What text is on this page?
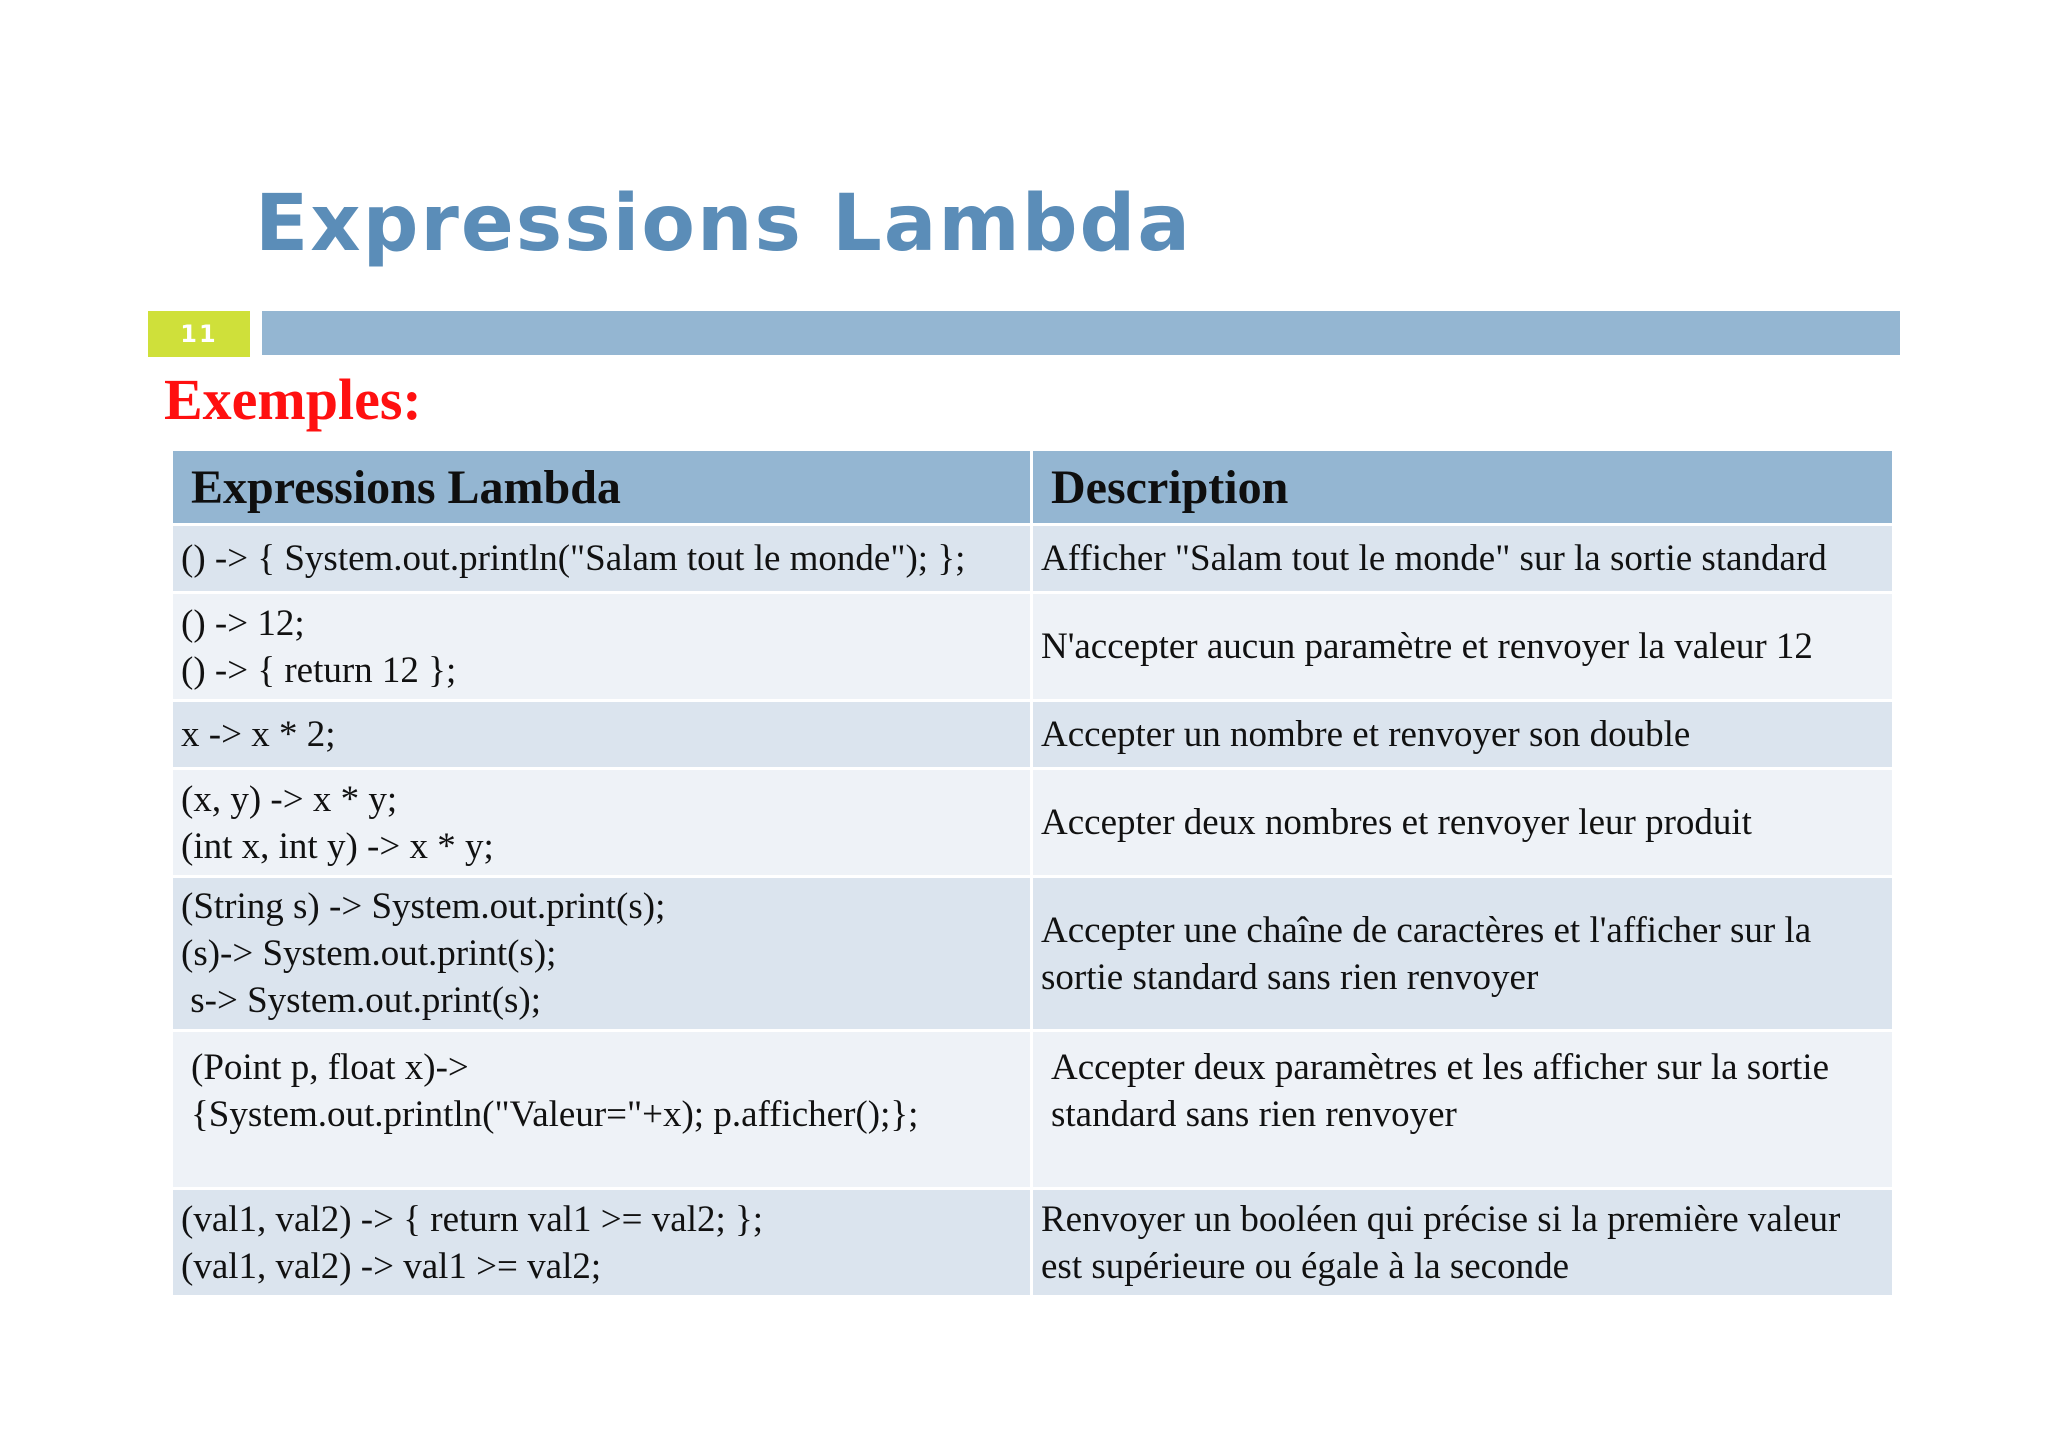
Expressions Lambda
11
Exemples:
Expressions Lambda	Description

() -> { System.out.println("Salam tout le monde"); };	Afficher "Salam tout le monde" sur la sortie standard

() -> 12;
() -> { return 12 };	N'accepter aucun paramètre et renvoyer la valeur 12

x -> x * 2;	Accepter un nombre et renvoyer son double

(x, y) -> x * y;
(int x, int y) -> x * y;	Accepter deux nombres et renvoyer leur produit

(String s) -> System.out.print(s);
(s)-> System.out.print(s);
s-> System.out.print(s);	Accepter une chaîne de caractères et l'afficher sur la sortie standard sans rien renvoyer

(Point p, float x)->
{System.out.println("Valeur="+x); p.afficher();};	Accepter deux paramètres et les afficher sur la sortie standard sans rien renvoyer

(val1, val2) -> { return val1 >= val2; };
(val1, val2) -> val1 >= val2;	Renvoyer un booléen qui précise si la première valeur est supérieure ou égale à la seconde
